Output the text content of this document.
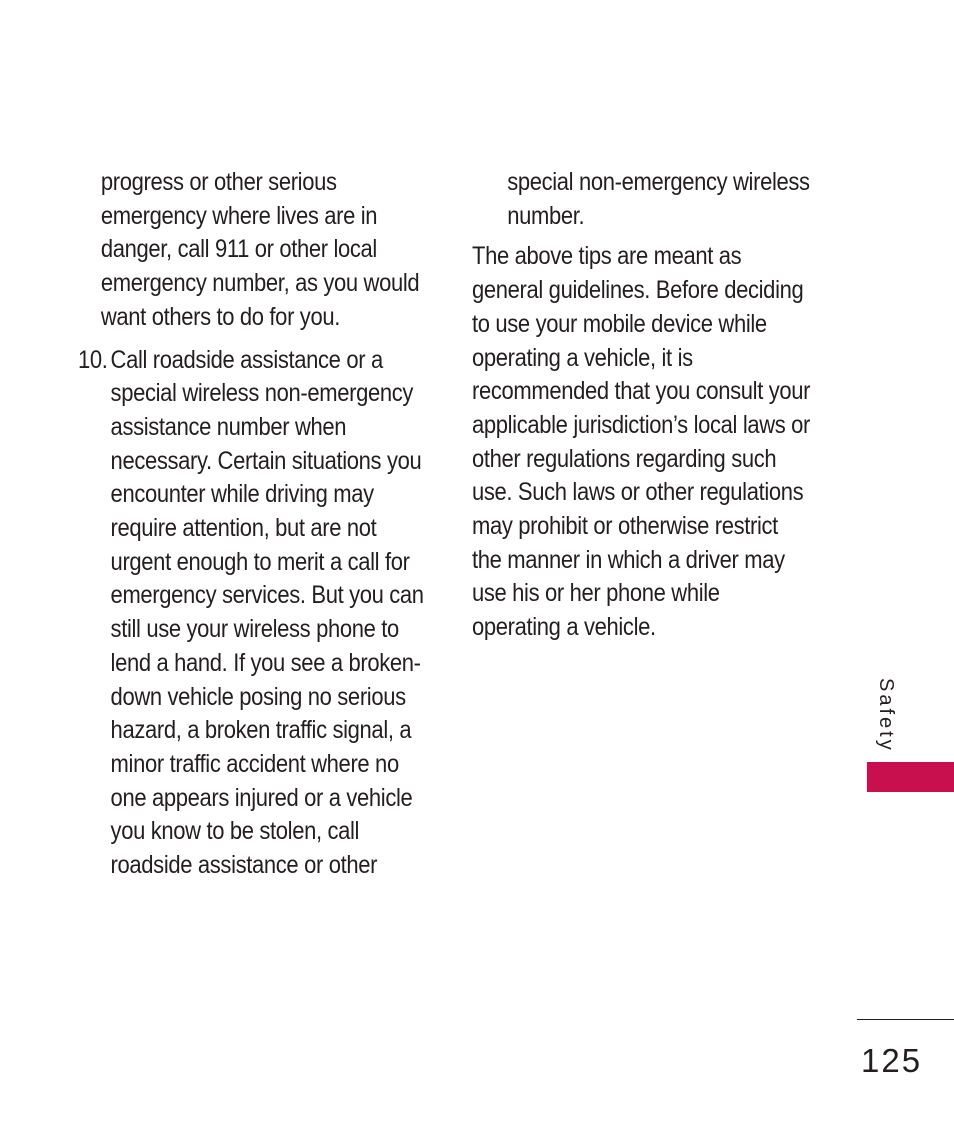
progress or other serious emergency where lives are in danger, call 911 or other local emergency number, as you would want others to do for you.

10. Call roadside assistance or a special wireless non-emergency assistance number when necessary. Certain situations you encounter while driving may require attention, but are not urgent enough to merit a call for emergency services. But you can still use your wireless phone to lend a hand. If you see a broken-down vehicle posing no serious hazard, a broken traffic signal, a minor traffic accident where no one appears injured or a vehicle you know to be stolen, call roadside assistance or other

special non-emergency wireless number.

The above tips are meant as general guidelines. Before deciding to use your mobile device while operating a vehicle, it is recommended that you consult your applicable jurisdiction’s local laws or other regulations regarding such use. Such laws or other regulations may prohibit or otherwise restrict the manner in which a driver may use his or her phone while operating a vehicle.

Safety
125
